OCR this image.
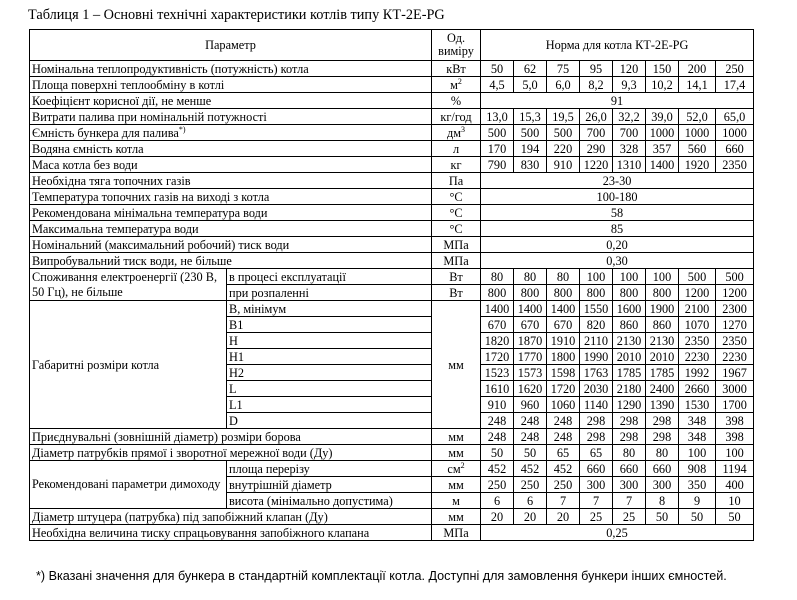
Таблиця 1 – Основні технічні характеристики котлів типу КТ-2Е-PG
Параметр		Од.
виміру	Норма для котла КТ-2Е-PG							
Номінальна теплопродуктивність (потужність) котла		кВт	50	62	75	95	120	150	200	250
Площа поверхні теплообміну в котлі		$м^2$	4,5	5,0	6,0	8,2	9,3	10,2	14,1	17,4
Коефіцієнт корисної дії, не менше		%	91							
Витрати палива при номінальній потужності		кг/год	13,0	15,3	19,5	26,0	32,2	39,0	52,0	65,0
Ємність бункера для палива*)		$дм^3$	500	500	500	700	700	1000	1000	1000
Водяна ємність котла		л	170	194	220	290	328	357	560	660
Маса котла без води		кг	790	830	910	1220	1310	1400	1920	2350
Необхідна тяга топочних газів		Па	23-30							
Температура топочних газів на виході з котла		°С	100-180							
Рекомендована мінімальна температура води		°С	58							
Максимальна температура води		°С	85							
Номінальний (максимальний робочий) тиск води		МПа	0,20							
Випробувальний тиск води, не більше		МПа	0,30							
Споживання електроенергії (230 В, 50 Гц), не більше	в процесі експлуатації	Вт	80	80	80	100	100	100	500	500
	при розпаленні	Вт	800	800	800	800	800	800	1200	1200
Габаритні розміри котла	B, мінімум	мм	1400	1400	1400	1550	1600	1900	2100	2300
	B1		670	670	670	820	860	860	1070	1270
	H		1820	1870	1910	2110	2130	2130	2350	2350
	H1		1720	1770	1800	1990	2010	2010	2230	2230
	H2		1523	1573	1598	1763	1785	1785	1992	1967
	L		1610	1620	1720	2030	2180	2400	2660	3000
	L1		910	960	1060	1140	1290	1390	1530	1700
	D		248	248	248	298	298	298	348	398
Приєднувальні (зовнішній діаметр) розміри борова		мм	248	248	248	298	298	298	348	398
Діаметр патрубків прямої і зворотної мережної води (Ду)		мм	50	50	65	65	80	80	100	100
Рекомендовані параметри димоходу	площа перерізу	$см^2$	452	452	452	660	660	660	908	1194
	внутрішній діаметр	мм	250	250	250	300	300	300	350	400
	висота (мінімально допустима)	м	6	6	7	7	7	8	9	10
Діаметр штуцера (патрубка) під запобіжний клапан (Ду)		мм	20	20	20	25	25	50	50	50
Необхідна величина тиску спрацьовування запобіжного клапана		МПа	0,25							
*) Вказані значення для бункера в стандартній комплектації котла. Доступні для замовлення бункери інших ємностей.
